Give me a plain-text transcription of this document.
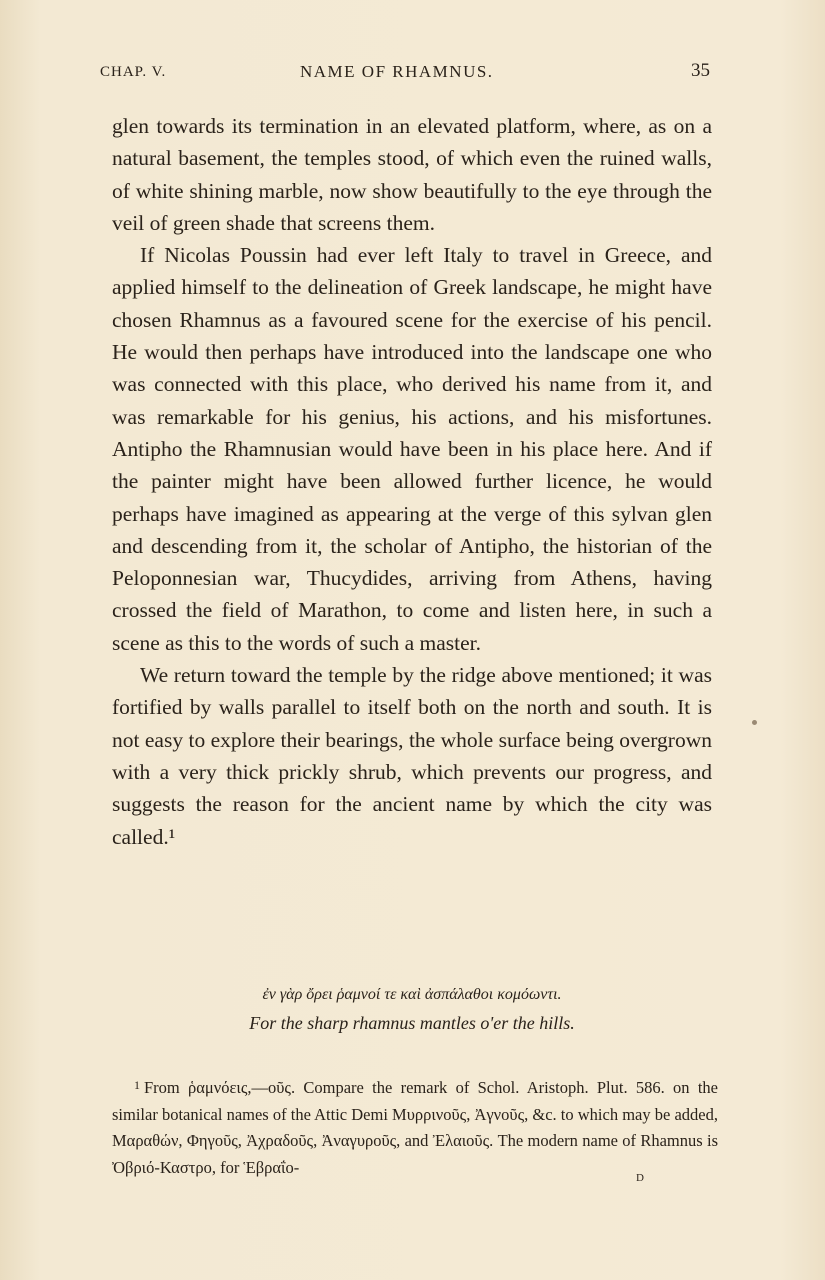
CHAP. V.	NAME OF RHAMNUS.	35

glen towards its termination in an elevated platform, where, as on a natural basement, the temples stood, of which even the ruined walls, of white shining marble, now show beautifully to the eye through the veil of green shade that screens them.

If Nicolas Poussin had ever left Italy to travel in Greece, and applied himself to the delineation of Greek landscape, he might have chosen Rhamnus as a favoured scene for the exercise of his pencil. He would then perhaps have introduced into the landscape one who was connected with this place, who derived his name from it, and was remarkable for his genius, his actions, and his misfortunes. Antipho the Rhamnusian would have been in his place here. And if the painter might have been allowed further licence, he would perhaps have imagined as appearing at the verge of this sylvan glen and descending from it, the scholar of Antipho, the historian of the Peloponnesian war, Thucydides, arriving from Athens, having crossed the field of Marathon, to come and listen here, in such a scene as this to the words of such a master.

We return toward the temple by the ridge above mentioned; it was fortified by walls parallel to itself both on the north and south. It is not easy to explore their bearings, the whole surface being overgrown with a very thick prickly shrub, which prevents our progress, and suggests the reason for the ancient name by which the city was called.¹

ἐν γὰρ ὄρει ῥαμνοί τε καὶ ἀσπάλαθοι κομόωντι.
For the sharp rhamnus mantles o'er the hills.
$^1$ From ῥαμνόεις,—οῦς. Compare the remark of Schol. Aristoph. Plut. 586. on the similar botanical names of the Attic Demi Μυρρινοῦς, Ἀγνοῦς, &c. to which may be added, Μαραθών, Φηγοῦς, Ἀχραδοῦς, Ἀναγυροῦς, and Ἐλαιοῦς. The modern name of Rhamnus is Ὀβριό-Καστρο, for Ἑβραΐο-
D
